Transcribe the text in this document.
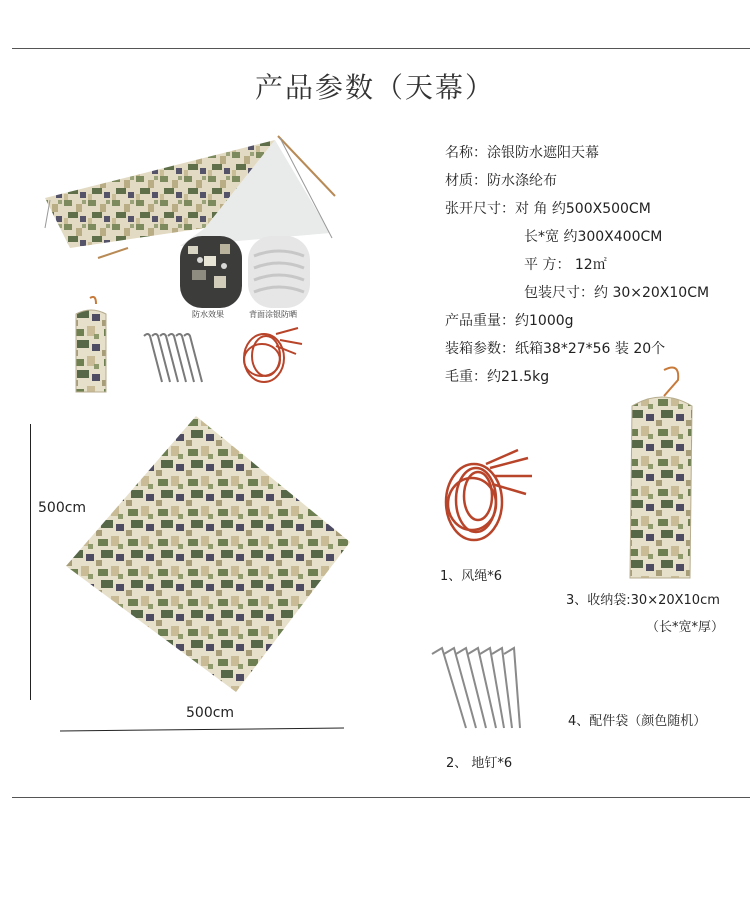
产品参数（天幕）
防水效果	背面涂银防晒
500cm
500cm
名称：涂银防水遮阳天幕
材质：防水涤纶布
张开尺寸：对 角 约500X500CM
长*宽 约300X400CM
平 方： 12㎡
包装尺寸：约 30×20X10CM
产品重量：约1000g
装箱参数：纸箱38*27*56 装 20个
毛重：约21.5kg
1、风绳*6
2、 地钉*6
3、收纳袋:30×20X10cm
（长*宽*厚）
4、配件袋（颜色随机）
